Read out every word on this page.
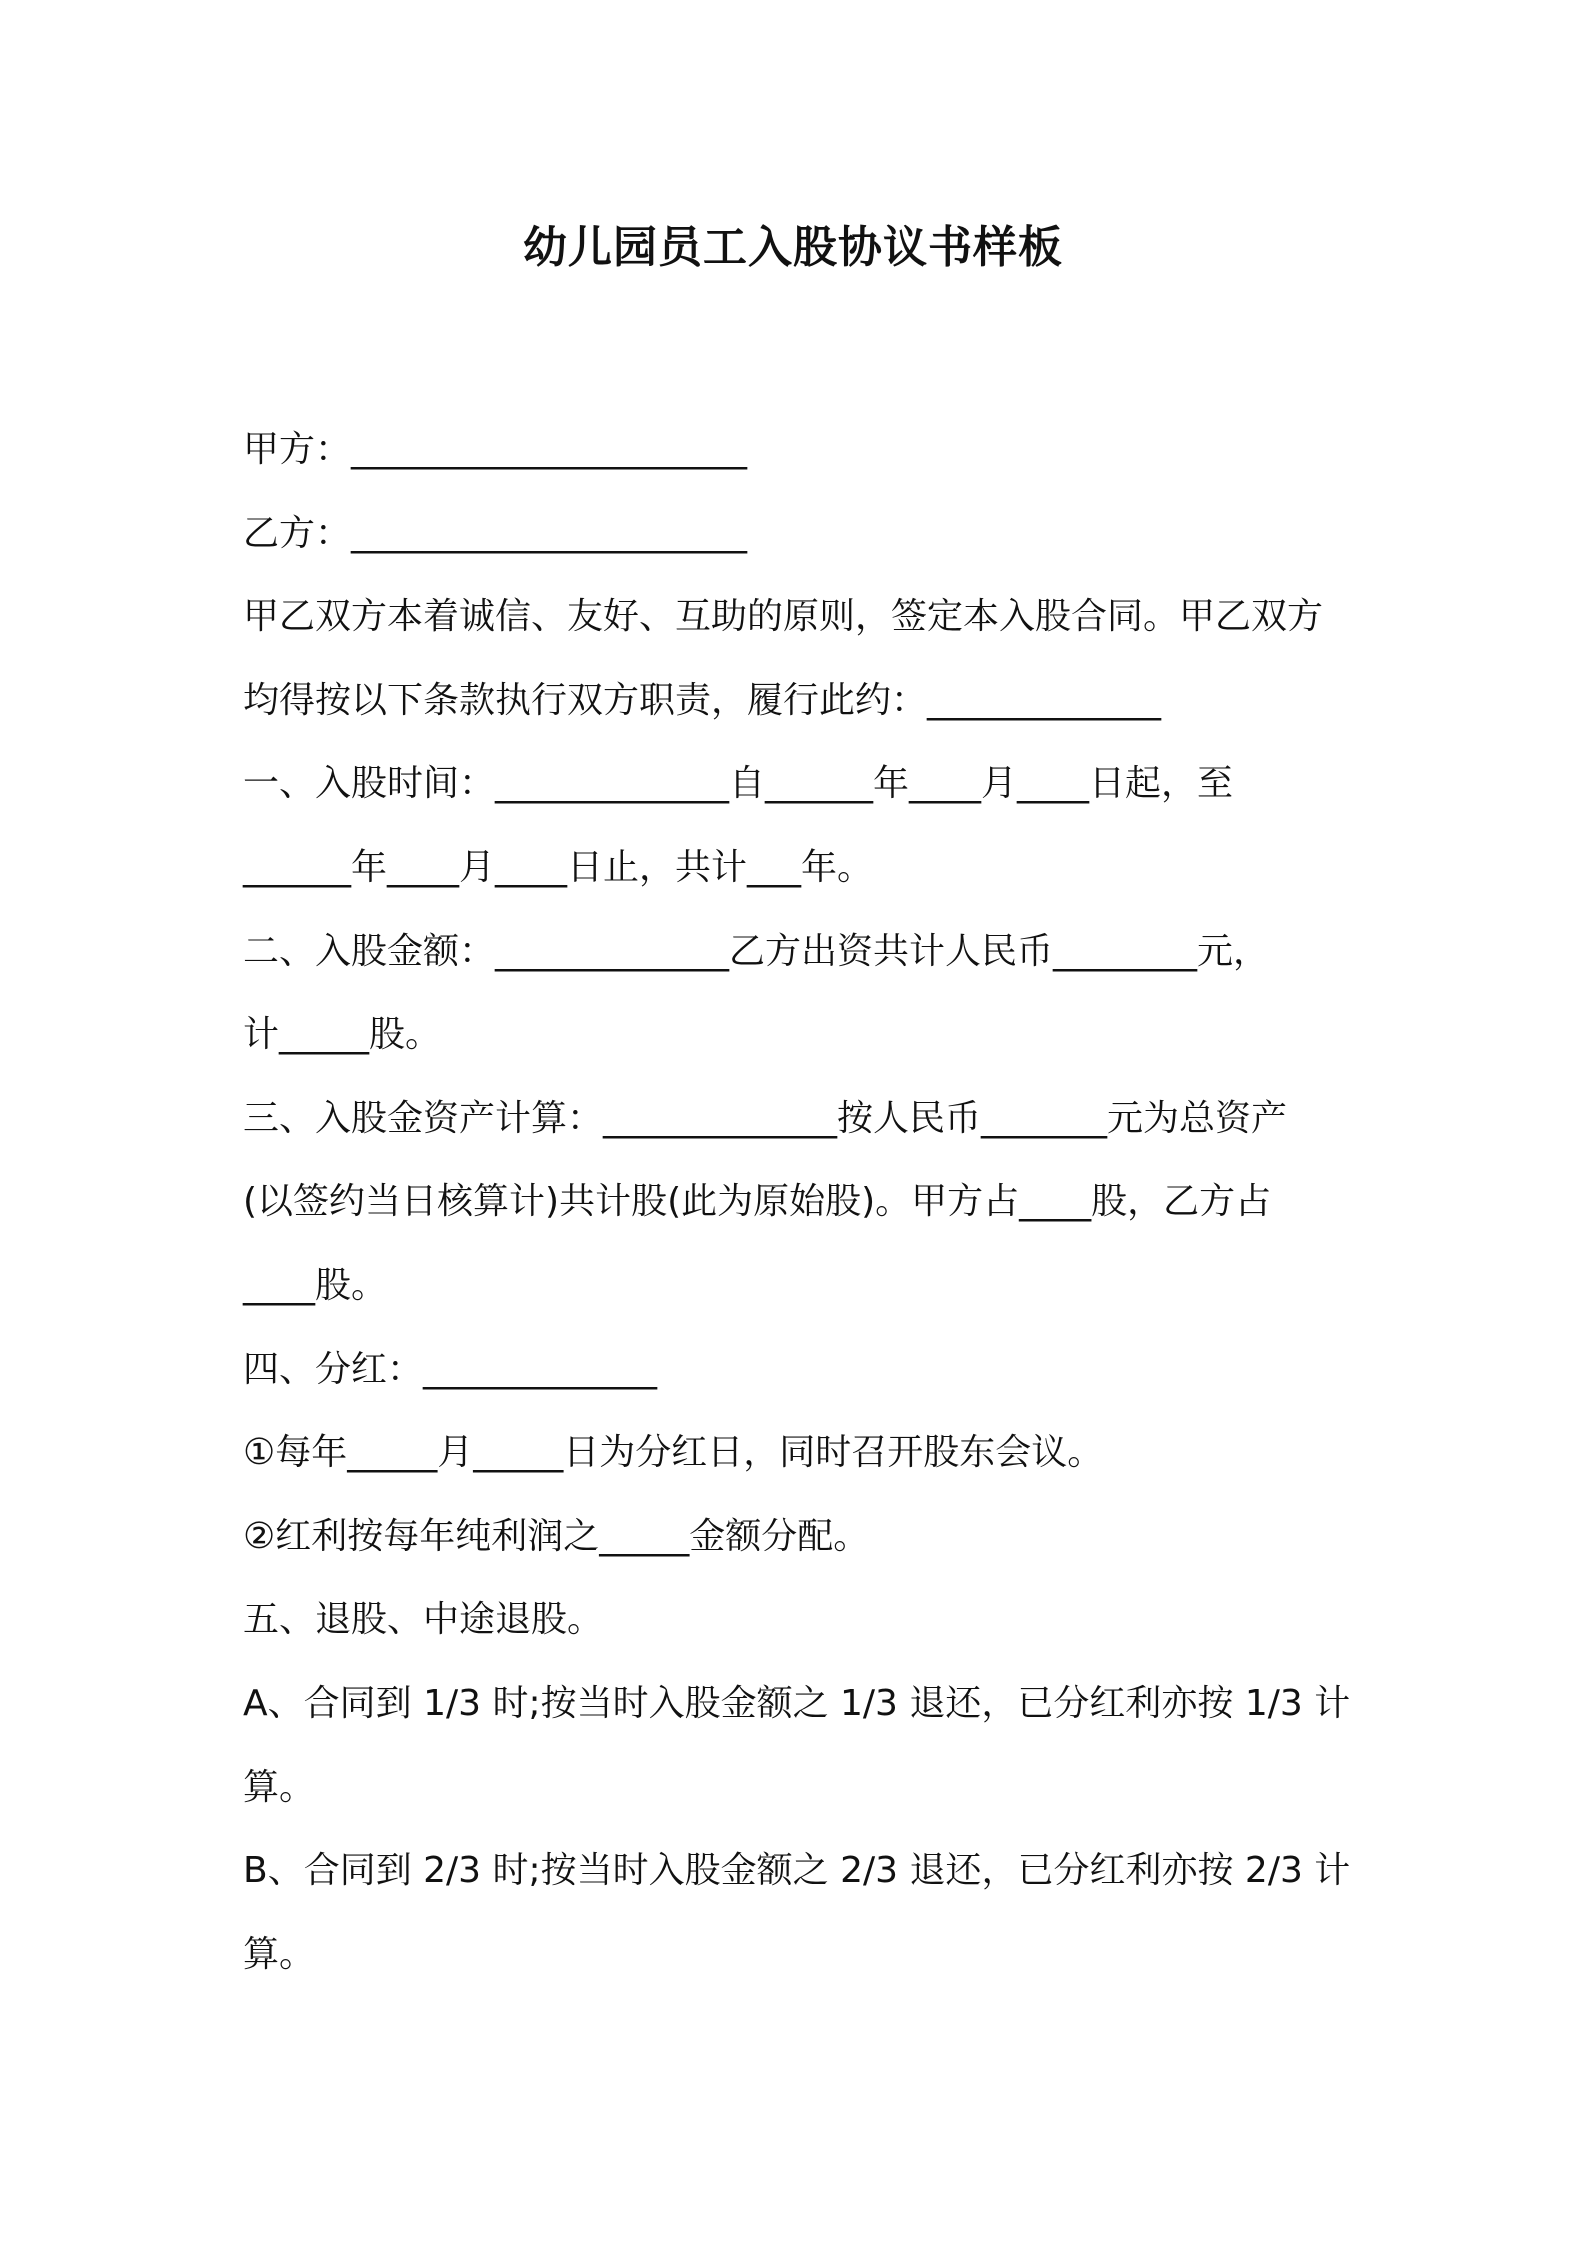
幼儿园员工入股协议书样板
甲方：______________________
乙方：______________________
甲乙双方本着诚信、友好、互助的原则，签定本入股合同。甲乙双方
均得按以下条款执行双方职责，履行此约：_____________
一、入股时间：_____________自______年____月____日起，至
______年____月____日止，共计___年。
二、入股金额：_____________乙方出资共计人民币________元，
计_____股。
三、入股金资产计算：_____________按人民币_______元为总资产
(以签约当日核算计)共计股(此为原始股)。甲方占____股，乙方占
____股。
四、分红：_____________
①每年_____月_____日为分红日，同时召开股东会议。
②红利按每年纯利润之_____金额分配。
五、退股、中途退股。
A、合同到 1/3 时;按当时入股金额之 1/3 退还，已分红利亦按 1/3 计
算。
B、合同到 2/3 时;按当时入股金额之 2/3 退还，已分红利亦按 2/3 计
算。
